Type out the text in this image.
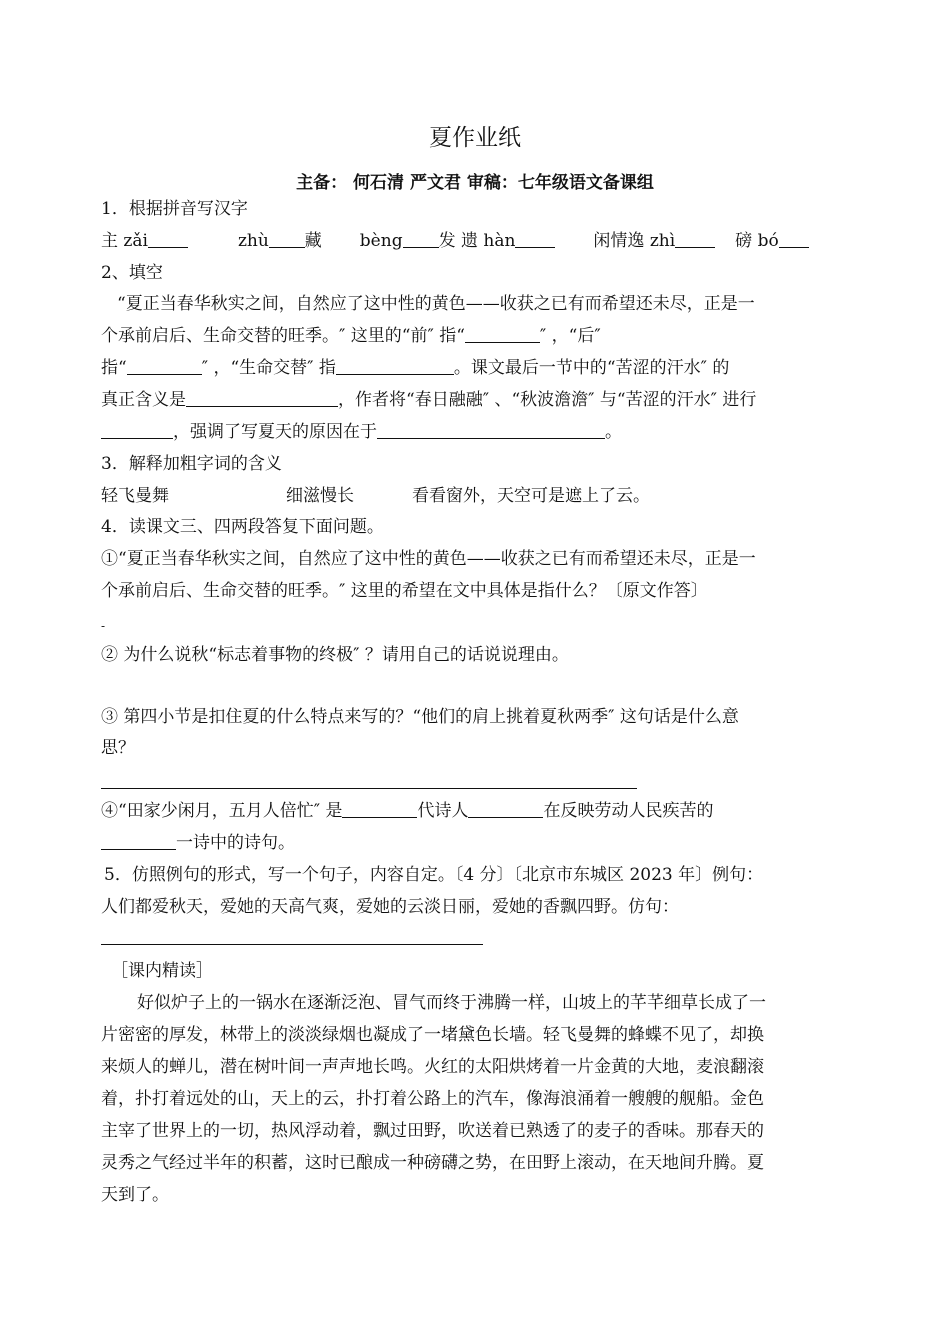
夏作业纸
主备： 何石清 严文君 审稿：七年级语文备课组
1．根据拼音写汉字
主 zǎi	zhù 藏 bèng 发 遗 hàn	闲情逸 zhì	磅 bó
2、填空
“夏正当春华秋实之间，自然应了这中性的黄色——收获之已有而希望还未尽，正是一
个承前启后、生命交替的旺季。″ 这里的“前″ 指“	″ ，“后″
指“	″ ，“生命交替″ 指	。课文最后一节中的“苦涩的汗水″ 的
真正含义是	，作者将“春日融融″ 、“秋波澹澹″ 与“苦涩的汗水″ 进行
，强调了写夏天的原因在于	。
3．解释加粗字词的含义
轻飞曼舞	细滋慢长	看看窗外，天空可是遮上了云。
4．读课文三、四两段答复下面问题。
①“夏正当春华秋实之间，自然应了这中性的黄色——收获之已有而希望还未尽，正是一
个承前启后、生命交替的旺季。″ 这里的希望在文中具体是指什么？〔原文作答〕
-
② 为什么说秋“标志着事物的终极″ ？请用自己的话说说理由。
③ 第四小节是扣住夏的什么特点来写的？“他们的肩上挑着夏秋两季″ 这句话是什么意
思？
④“田家少闲月，五月人倍忙″ 是	代诗人	在反映劳动人民疾苦的
一诗中的诗句。
5．仿照例句的形式，写一个句子，内容自定。〔4 分〕〔北京市东城区 2023 年〕例句：
人们都爱秋天，爱她的天高气爽，爱她的云淡日丽，爱她的香飘四野。仿句：
［课内精读］
好似炉子上的一锅水在逐渐泛泡、冒气而终于沸腾一样，山坡上的芊芊细草长成了一
片密密的厚发，林带上的淡淡绿烟也凝成了一堵黛色长墙。轻飞曼舞的蜂蝶不见了，却换
来烦人的蝉儿，潜在树叶间一声声地长鸣。火红的太阳烘烤着一片金黄的大地，麦浪翻滚
着，扑打着远处的山，天上的云，扑打着公路上的汽车，像海浪涌着一艘艘的舰船。金色
主宰了世界上的一切，热风浮动着，飘过田野，吹送着已熟透了的麦子的香味。那春天的
灵秀之气经过半年的积蓄，这时已酿成一种磅礴之势，在田野上滚动，在天地间升腾。夏
天到了。
